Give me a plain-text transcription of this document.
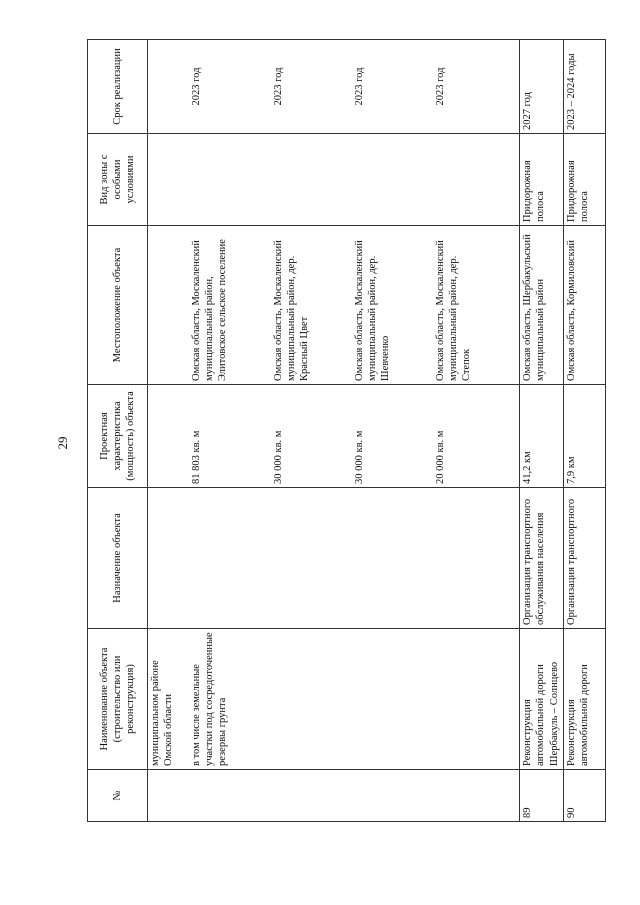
29
№	Наименование объекта (строительство или реконструкция)	Назначение объекта	Проектная характеристика (мощность) объекта	Местоположение объекта	Вид зоны с особыми условиями	Срок реализации
	муниципальном районе Омской области					
	в том числе земельные участки под сосредоточенные резервы грунта		81 803 кв. м	Омская область, Москаленский муниципальный район, Элитовское сельское поселение		2023 год
			30 000 кв. м	Омская область, Москаленский муниципальный район, дер. Красный Цвет		2023 год
			30 000 кв. м	Омская область, Москаленский муниципальный район, дер. Шевченко		2023 год
			20 000 кв. м	Омская область, Москаленский муниципальный район, дер. Степок		2023 год
89	Реконструкция автомобильной дороги Шербакуль – Солнцево	Организация транспортного обслуживания населения	41,2 км	Омская область, Шербакульский муниципальный район	Придорожная полоса	2027 год
90	Реконструкция автомобильной дороги	Организация транспортного	7,9 км	Омская область, Кормиловский	Придорожная полоса	2023 – 2024 годы
